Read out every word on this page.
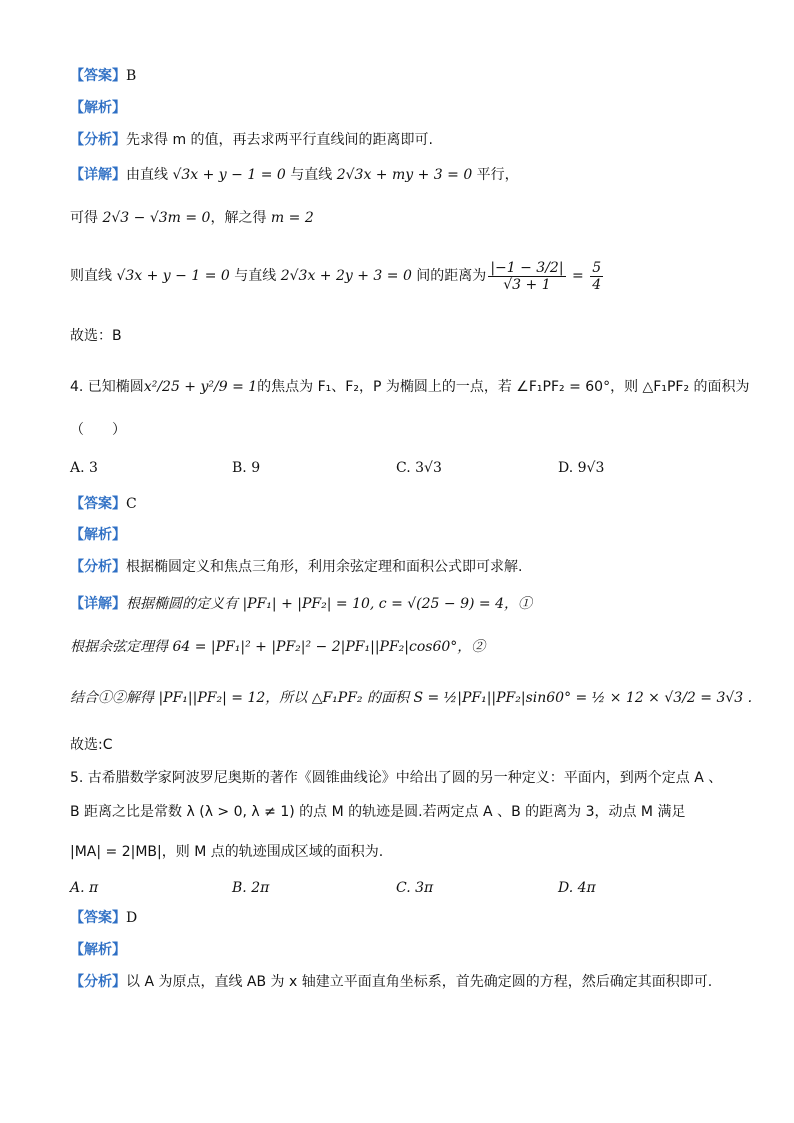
【答案】B
【解析】
【分析】先求得 m 的值，再去求两平行直线间的距离即可.
【详解】由直线 √3x + y − 1 = 0 与直线 2√3x + my + 3 = 0 平行，
可得 2√3 − √3m = 0，解之得 m = 2
则直线 √3x + y − 1 = 0 与直线 2√3x + 2y + 3 = 0 间的距离为 $\frac{|-1 - 3/2|}{√3 + 1} = \frac{5}{4}$
故选：B
4. 已知椭圆x²/25 + y²/9 = 1的焦点为 F₁、F₂，P 为椭圆上的一点，若 ∠F₁PF₂ = 60°，则 △F₁PF₂ 的面积为
（　　）
A. 3	B. 9	C. 3√3	D. 9√3
【答案】C
【解析】
【分析】根据椭圆定义和焦点三角形，利用余弦定理和面积公式即可求解.
【详解】根据椭圆的定义有 |PF₁| + |PF₂| = 10, c = √(25 − 9) = 4，①
根据余弦定理得 64 = |PF₁|² + |PF₂|² − 2|PF₁||PF₂|cos60°，②
结合①②解得 |PF₁||PF₂| = 12，所以 △F₁PF₂ 的面积 S = ½|PF₁||PF₂|sin60° = ½ × 12 × √3/2 = 3√3 .
故选:C
5. 古希腊数学家阿波罗尼奥斯的著作《圆锥曲线论》中给出了圆的另一种定义：平面内，到两个定点 A 、
B 距离之比是常数 λ (λ > 0, λ ≠ 1) 的点 M 的轨迹是圆.若两定点 A 、B 的距离为 3，动点 M 满足
|MA| = 2|MB|，则 M 点的轨迹围成区域的面积为.
A. π	B. 2π	C. 3π	D. 4π
【答案】D
【解析】
【分析】以 A 为原点，直线 AB 为 x 轴建立平面直角坐标系，首先确定圆的方程，然后确定其面积即可.
